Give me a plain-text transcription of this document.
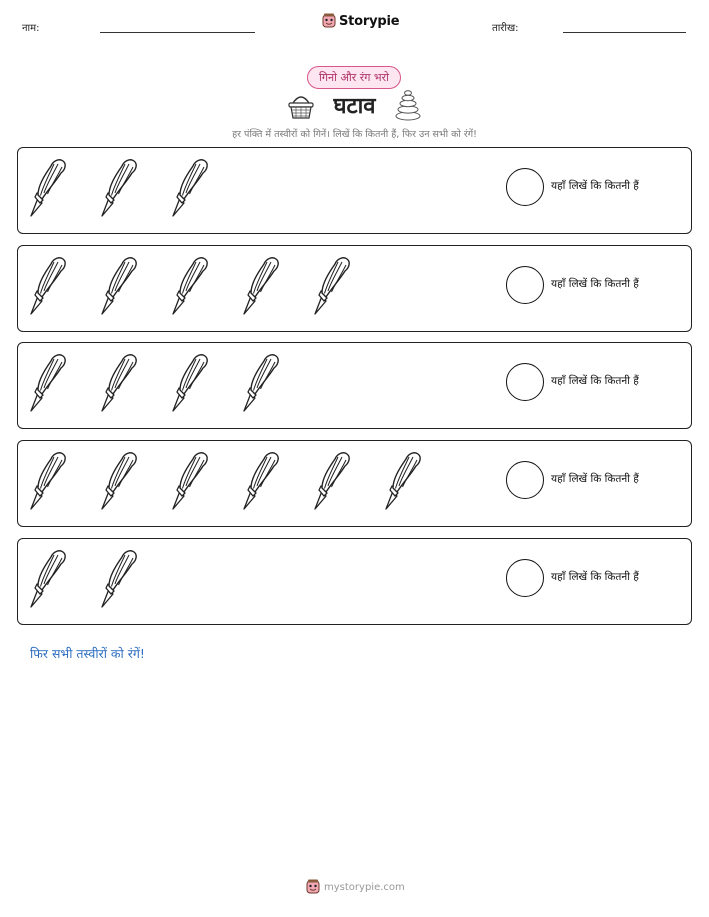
नाम:	Storypie	तारीख:
गिनो और रंग भरो
घटाव
हर पंक्ति में तस्वीरों को गिनें। लिखें कि कितनी हैं, फिर उन सभी को रंगें!
यहाँ लिखें कि कितनी हैं
यहाँ लिखें कि कितनी हैं
यहाँ लिखें कि कितनी हैं
यहाँ लिखें कि कितनी हैं
यहाँ लिखें कि कितनी हैं
फिर सभी तस्वीरों को रंगें!
mystorypie.com
